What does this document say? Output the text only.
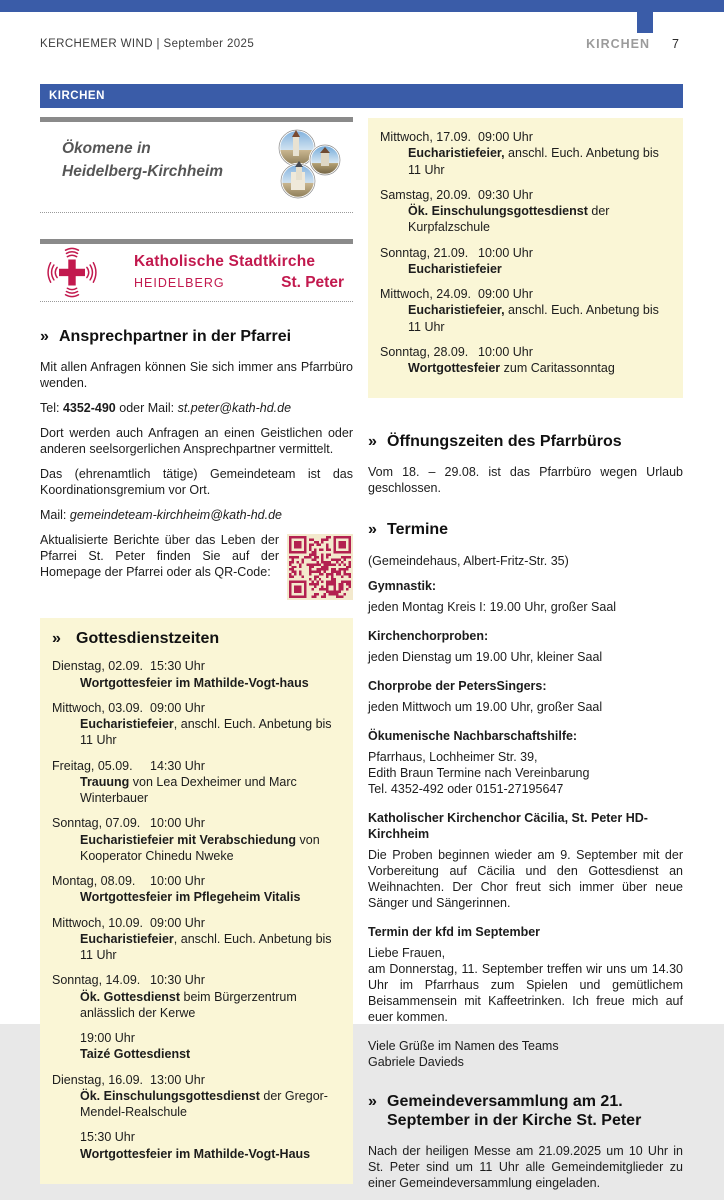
KERCHEMER WIND | September 2025	KIRCHEN 7
KIRCHEN
Ökomene in
Heidelberg-Kirchheim
Katholische Stadtkirche
HEIDELBERG	St. Peter
» Ansprechpartner in der Pfarrei

Mit allen Anfragen können Sie sich immer ans Pfarrbüro wenden.

Tel: 4352-490 oder Mail: st.peter@kath-hd.de

Dort werden auch Anfragen an einen Geistlichen oder anderen seelsorgerlichen Ansprechpartner vermittelt.

Das (ehrenamtlich tätige) Gemeindeteam ist das Koordinationsgremium vor Ort.

Mail: gemeindeteam-kirchheim@kath-hd.de

Aktualisierte Berichte über das Leben der Pfarrei St. Peter finden Sie auf der Homepage der Pfarrei oder als QR-Code:

» Gottesdienstzeiten
Dienstag, 02.09. 15:30 Uhr
Wortgottesfeier im Mathilde-Vogt-haus
Mittwoch, 03.09. 09:00 Uhr
Eucharistiefeier, anschl. Euch. Anbetung bis 11 Uhr
Freitag, 05.09.	14:30 Uhr
Trauung von Lea Dexheimer und Marc Winterbauer
Sonntag, 07.09. 10:00 Uhr
Eucharistiefeier mit Verabschiedung von Kooperator Chinedu Nweke
Montag, 08.09.	10:00 Uhr
Wortgottesfeier im Pflegeheim Vitalis
Mittwoch, 10.09. 09:00 Uhr
Eucharistiefeier, anschl. Euch. Anbetung bis 11 Uhr
Sonntag, 14.09. 10:30 Uhr
Ök. Gottesdienst beim Bürgerzentrum anlässlich der Kerwe
19:00 Uhr
Taizé Gottesdienst
Dienstag, 16.09. 13:00 Uhr
Ök. Einschulungsgottesdienst der Gregor-Mendel-Realschule
15:30 Uhr
Wortgottesfeier im Mathilde-Vogt-Haus
Mittwoch, 17.09. 09:00 Uhr
Eucharistiefeier, anschl. Euch. Anbetung bis 11 Uhr
Samstag, 20.09. 09:30 Uhr
Ök. Einschulungsgottesdienst der Kurpfalzschule
Sonntag, 21.09. 10:00 Uhr
Eucharistiefeier
Mittwoch, 24.09. 09:00 Uhr
Eucharistiefeier, anschl. Euch. Anbetung bis 11 Uhr
Sonntag, 28.09. 10:00 Uhr
Wortgottesfeier zum Caritassonntag
» Öffnungszeiten des Pfarrbüros

Vom 18. – 29.08. ist das Pfarrbüro wegen Urlaub geschlossen.

» Termine

(Gemeindehaus, Albert-Fritz-Str. 35)

Gymnastik:
jeden Montag Kreis I: 19.00 Uhr, großer Saal
Kirchenchorproben:
jeden Dienstag um 19.00 Uhr, kleiner Saal
Chorprobe der PetersSingers:
jeden Mittwoch um 19.00 Uhr, großer Saal
Ökumenische Nachbarschaftshilfe:
Pfarrhaus, Lochheimer Str. 39,
Edith Braun Termine nach Vereinbarung
Tel. 4352-492 oder 0151-27195647
Katholischer Kirchenchor Cäcilia, St. Peter HD-Kirchheim
Die Proben beginnen wieder am 9. September mit der Vorbereitung auf Cäcilia und den Gottesdienst an Weihnachten. Der Chor freut sich immer über neue Sänger und Sängerinnen.
Termin der kfd im September
Liebe Frauen,
am Donnerstag, 11. September treffen wir uns um 14.30 Uhr im Pfarrhaus zum Spielen und gemütlichem Beisammensein mit Kaffeetrinken. Ich freue mich auf euer kommen.
Viele Grüße im Namen des Teams
Gabriele Davieds
» Gemeindeversammlung am 21. September in der Kirche St. Peter

Nach der heiligen Messe am 21.09.2025 um 10 Uhr in St. Peter sind um 11 Uhr alle Gemeindemitglieder zu einer Gemeindeversammlung eingeladen.
